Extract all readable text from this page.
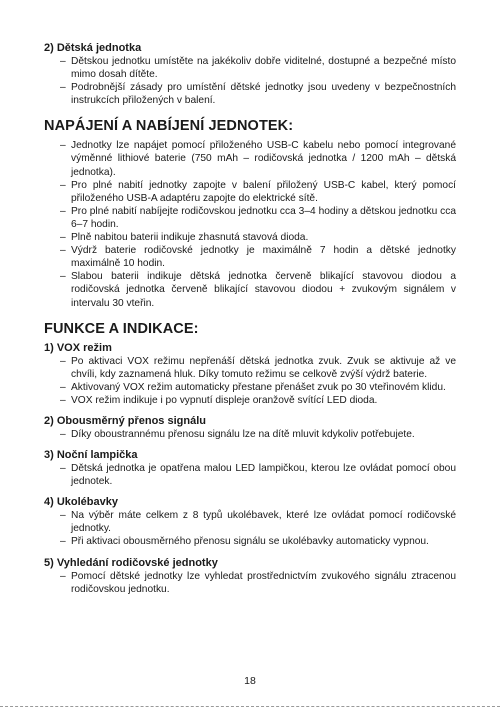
2) Dětská jednotka

– Dětskou jednotku umístěte na jakékoliv dobře viditelné, dostupné a bezpečné místo mimo dosah dítěte.
– Podrobnější zásady pro umístění dětské jednotky jsou uvedeny v bezpečnostních instrukcích přiložených v balení.

NAPÁJENÍ A NABÍJENÍ JEDNOTEK:

– Jednotky lze napájet pomocí přiloženého USB-C kabelu nebo pomocí integrované výměnné lithiové baterie (750 mAh – rodičovská jednotka / 1200 mAh – dětská jednotka).
– Pro plné nabití jednotky zapojte v balení přiložený USB-C kabel, který pomocí přiloženého USB-A adaptéru zapojte do elektrické sítě.
– Pro plné nabití nabíjejte rodičovskou jednotku cca 3–4 hodiny a dětskou jednotku cca 6–7 hodin.
– Plně nabitou baterii indikuje zhasnutá stavová dioda.
– Výdrž baterie rodičovské jednotky je maximálně 7 hodin a dětské jednotky maximálně 10 hodin.
– Slabou baterii indikuje dětská jednotka červeně blikající stavovou diodou a rodičovská jednotka červeně blikající stavovou diodou + zvukovým signálem v intervalu 30 vteřin.

FUNKCE A INDIKACE:

1) VOX režim

– Po aktivaci VOX režimu nepřenáší dětská jednotka zvuk. Zvuk se aktivuje až ve chvíli, kdy zaznamená hluk. Díky tomuto režimu se celkově zvýší výdrž baterie.
– Aktivovaný VOX režim automaticky přestane přenášet zvuk po 30 vteřinovém klidu.
– VOX režim indikuje i po vypnutí displeje oranžově svítící LED dioda.

2) Obousměrný přenos signálu

– Díky oboustrannému přenosu signálu lze na dítě mluvit kdykoliv potřebujete.

3) Noční lampička

– Dětská jednotka je opatřena malou LED lampičkou, kterou lze ovládat pomocí obou jednotek.

4) Ukolébavky

– Na výběr máte celkem z 8 typů ukolébavek, které lze ovládat pomocí rodičovské jednotky.
– Při aktivaci obousměrného přenosu signálu se ukolébavky automaticky vypnou.

5) Vyhledání rodičovské jednotky

– Pomocí dětské jednotky lze vyhledat prostřednictvím zvukového signálu ztracenou rodičovskou jednotku.
18
